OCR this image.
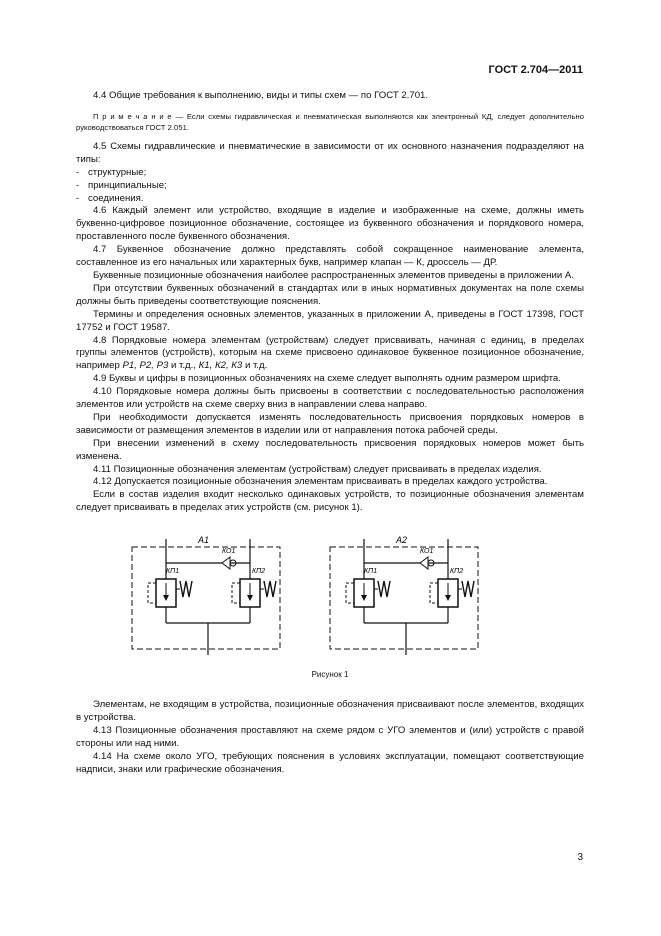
ГОСТ 2.704—2011

4.4 Общие требования к выполнению, виды и типы схем — по ГОСТ 2.701.

П р и м е ч а н и е — Если схемы гидравлическая и пневматическая выполняются как электронный КД, следует дополнительно руководствоваться ГОСТ 2.051.

4.5 Схемы гидравлические и пневматические в зависимости от их основного назначения подразделяют на типы:

- структурные;

- принципиальные;

- соединения.

4.6 Каждый элемент или устройство, входящие в изделие и изображенные на схеме, должны иметь буквенно-цифровое позиционное обозначение, состоящее из буквенного обозначения и порядкового номера, проставленного после буквенного обозначения.

4.7 Буквенное обозначение должно представлять собой сокращенное наименование элемента, составленное из его начальных или характерных букв, например клапан — К, дроссель — ДР.

Буквенные позиционные обозначения наиболее распространенных элементов приведены в приложении А.

При отсутствии буквенных обозначений в стандартах или в иных нормативных документах на поле схемы должны быть приведены соответствующие пояснения.

Термины и определения основных элементов, указанных в приложении А, приведены в ГОСТ 17398, ГОСТ 17752 и ГОСТ 19587.

4.8 Порядковые номера элементам (устройствам) следует присваивать, начиная с единиц, в пределах группы элементов (устройств), которым на схеме присвоено одинаковое буквенное позиционное обозначение, например Р1, Р2, Р3 и т.д., К1, К2, К3 и т.д.

4.9 Буквы и цифры в позиционных обозначениях на схеме следует выполнять одним размером шрифта.

4.10 Порядковые номера должны быть присвоены в соответствии с последовательностью расположения элементов или устройств на схеме сверху вниз в направлении слева направо.

При необходимости допускается изменять последовательность присвоения порядковых номеров в зависимости от размещения элементов в изделии или от направления потока рабочей среды.

При внесении изменений в схему последовательность присвоения порядковых номеров может быть изменена.

4.11 Позиционные обозначения элементам (устройствам) следует присваивать в пределах изделия.

4.12 Допускается позиционные обозначения элементам присваивать в пределах каждого устройства.

Если в состав изделия входит несколько одинаковых устройств, то позиционные обозначения элементам следует присваивать в пределах этих устройств (см. рисунок 1).

А1
КП1
КО1
КП2
А2
КП1
КО1
КП2
Рисунок 1

Элементам, не входящим в устройства, позиционные обозначения присваивают после элементов, входящих в устройства.

4.13 Позиционные обозначения проставляют на схеме рядом с УГО элементов и (или) устройств с правой стороны или над ними.

4.14 На схеме около УГО, требующих пояснения в условиях эксплуатации, помещают соответствующие надписи, знаки или графические обозначения.

3
